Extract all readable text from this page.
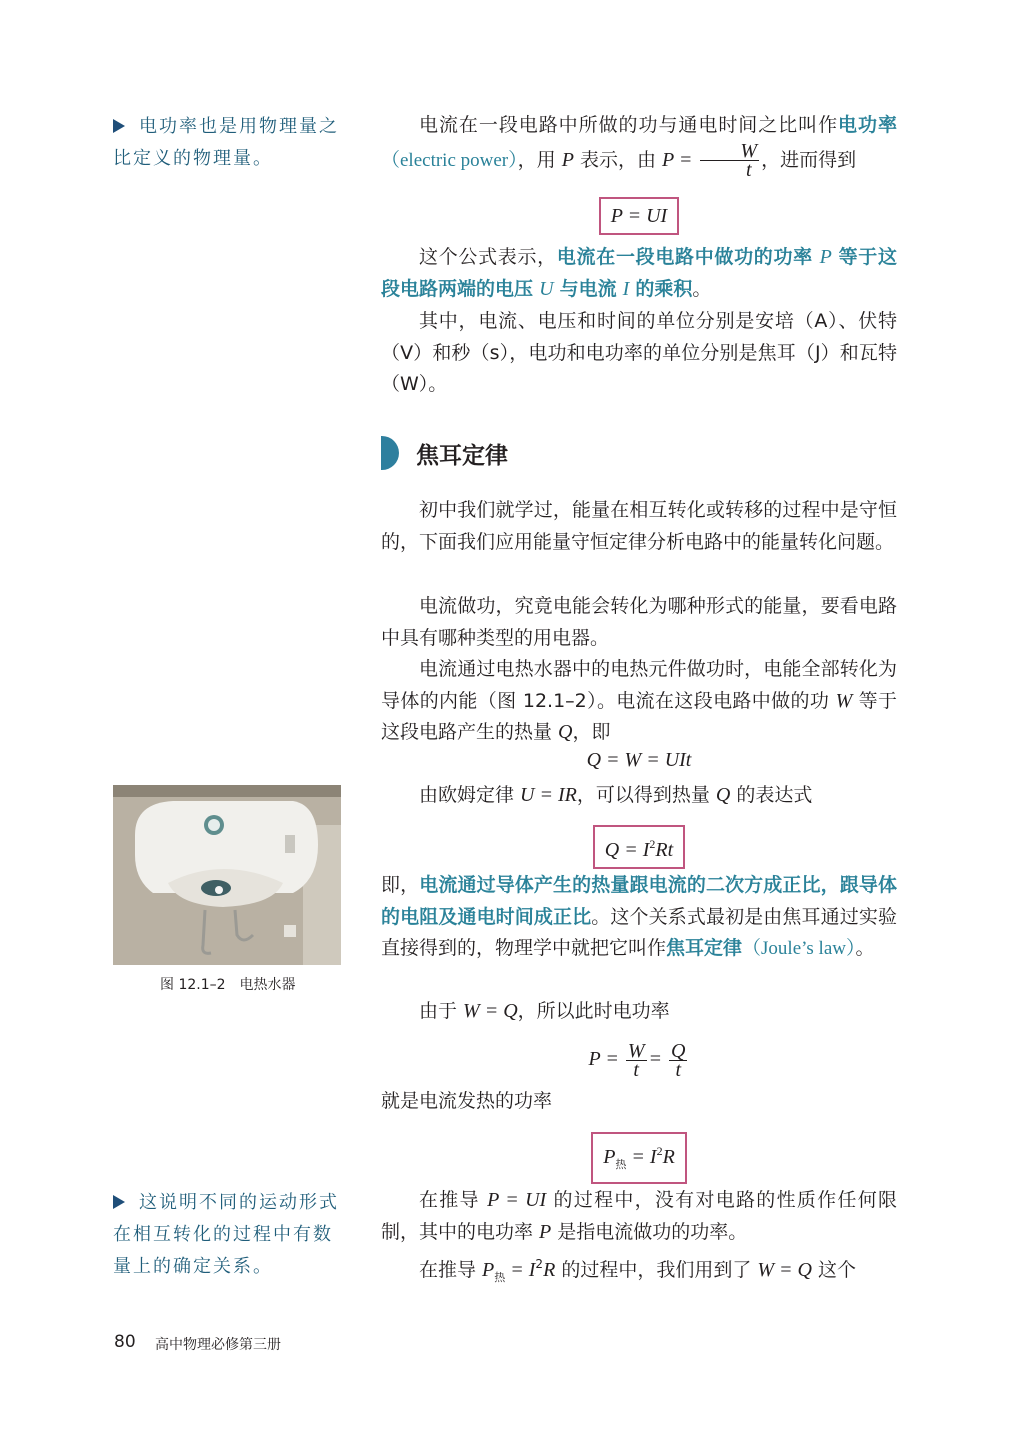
电功率也是用物理量之
比定义的物理量。
电流在一段电路中所做的功与通电时间之比叫作电功率（electric power），用 P 表示，由 $P = \frac{W}{t}$ ，进而得到
P = UI
这个公式表示，电流在一段电路中做功的功率 P 等于这段电路两端的电压 U 与电流 I 的乘积。
其中，电流、电压和时间的单位分别是安培（A）、伏特（V）和秒（s），电功和电功率的单位分别是焦耳（J）和瓦特（W）。
焦耳定律
初中我们就学过，能量在相互转化或转移的过程中是守恒的，下面我们应用能量守恒定律分析电路中的能量转化问题。
电流做功，究竟电能会转化为哪种形式的能量，要看电路中具有哪种类型的用电器。
电流通过电热水器中的电热元件做功时，电能全部转化为导体的内能（图 12.1–2）。电流在这段电路中做的功 W 等于这段电路产生的热量 Q，即
Q = W = UIt
由欧姆定律 U = IR，可以得到热量 Q 的表达式
$Q = I^2Rt$
即，电流通过导体产生的热量跟电流的二次方成正比，跟导体的电阻及通电时间成正比。这个关系式最初是由焦耳通过实验直接得到的，物理学中就把它叫作焦耳定律（Joule’s law）。
由于 W = Q，所以此时电功率
$P = \frac{W}{t} = \frac{Q}{t}$
就是电流发热的功率
$P_热 = I^2R$
在推导 P = UI 的过程中，没有对电路的性质作任何限制，其中的电功率 P 是指电流做功的功率。
在推导 $P_热 = I^2R$ 的过程中，我们用到了 W = Q 这个
图 12.1–2　电热水器
这说明不同的运动形式
在相互转化的过程中有数
量上的确定关系。
80 高中物理必修第三册
